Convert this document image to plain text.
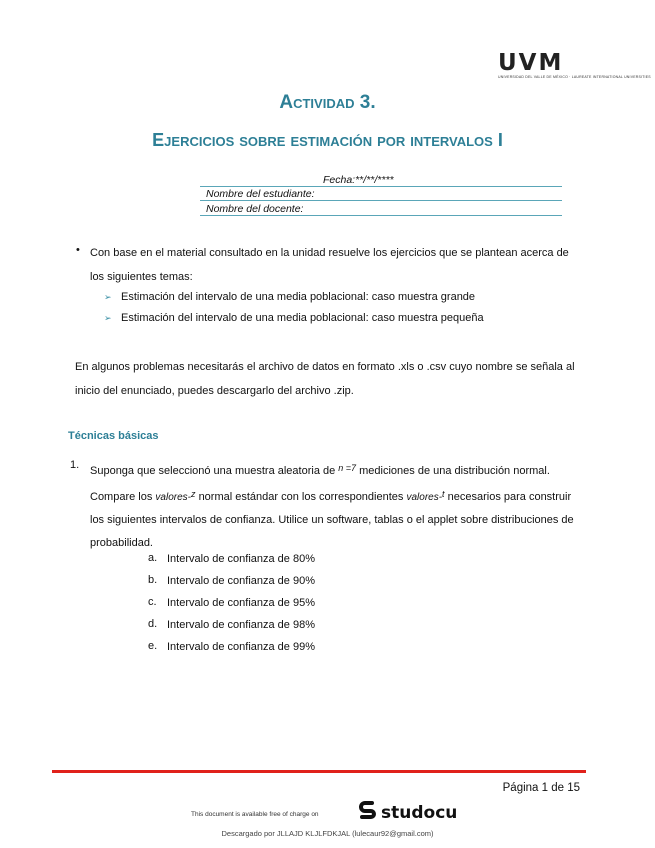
UVM
UNIVERSIDAD DEL VALLE DE MÉXICO · LAUREATE INTERNATIONAL UNIVERSITIES
Actividad 3.
Ejercicios sobre estimación por intervalos I
Fecha:**/**/****
Nombre del estudiante:
Nombre del docente:
• Con base en el material consultado en la unidad resuelve los ejercicios que se plantean acerca de los siguientes temas:
➢ Estimación del intervalo de una media poblacional: caso muestra grande
➢ Estimación del intervalo de una media poblacional: caso muestra pequeña
En algunos problemas necesitarás el archivo de datos en formato .xls o .csv cuyo nombre se señala al inicio del enunciado, puedes descargarlo del archivo .zip.
Técnicas básicas
1. Suponga que seleccionó una muestra aleatoria de $^{n =7}$ mediciones de una distribución normal. Compare los valores-$^z$ normal estándar con los correspondientes valores-$^t$ necesarios para construir los siguientes intervalos de confianza. Utilice un software, tablas o el applet sobre distribuciones de probabilidad.
a. Intervalo de confianza de 80%
b. Intervalo de confianza de 90%
c. Intervalo de confianza de 95%
d. Intervalo de confianza de 98%
e. Intervalo de confianza de 99%
Página 1 de 15
This document is available free of charge on	studocu
Descargado por JLLAJD KLJLFDKJAL (lulecaur92@gmail.com)
